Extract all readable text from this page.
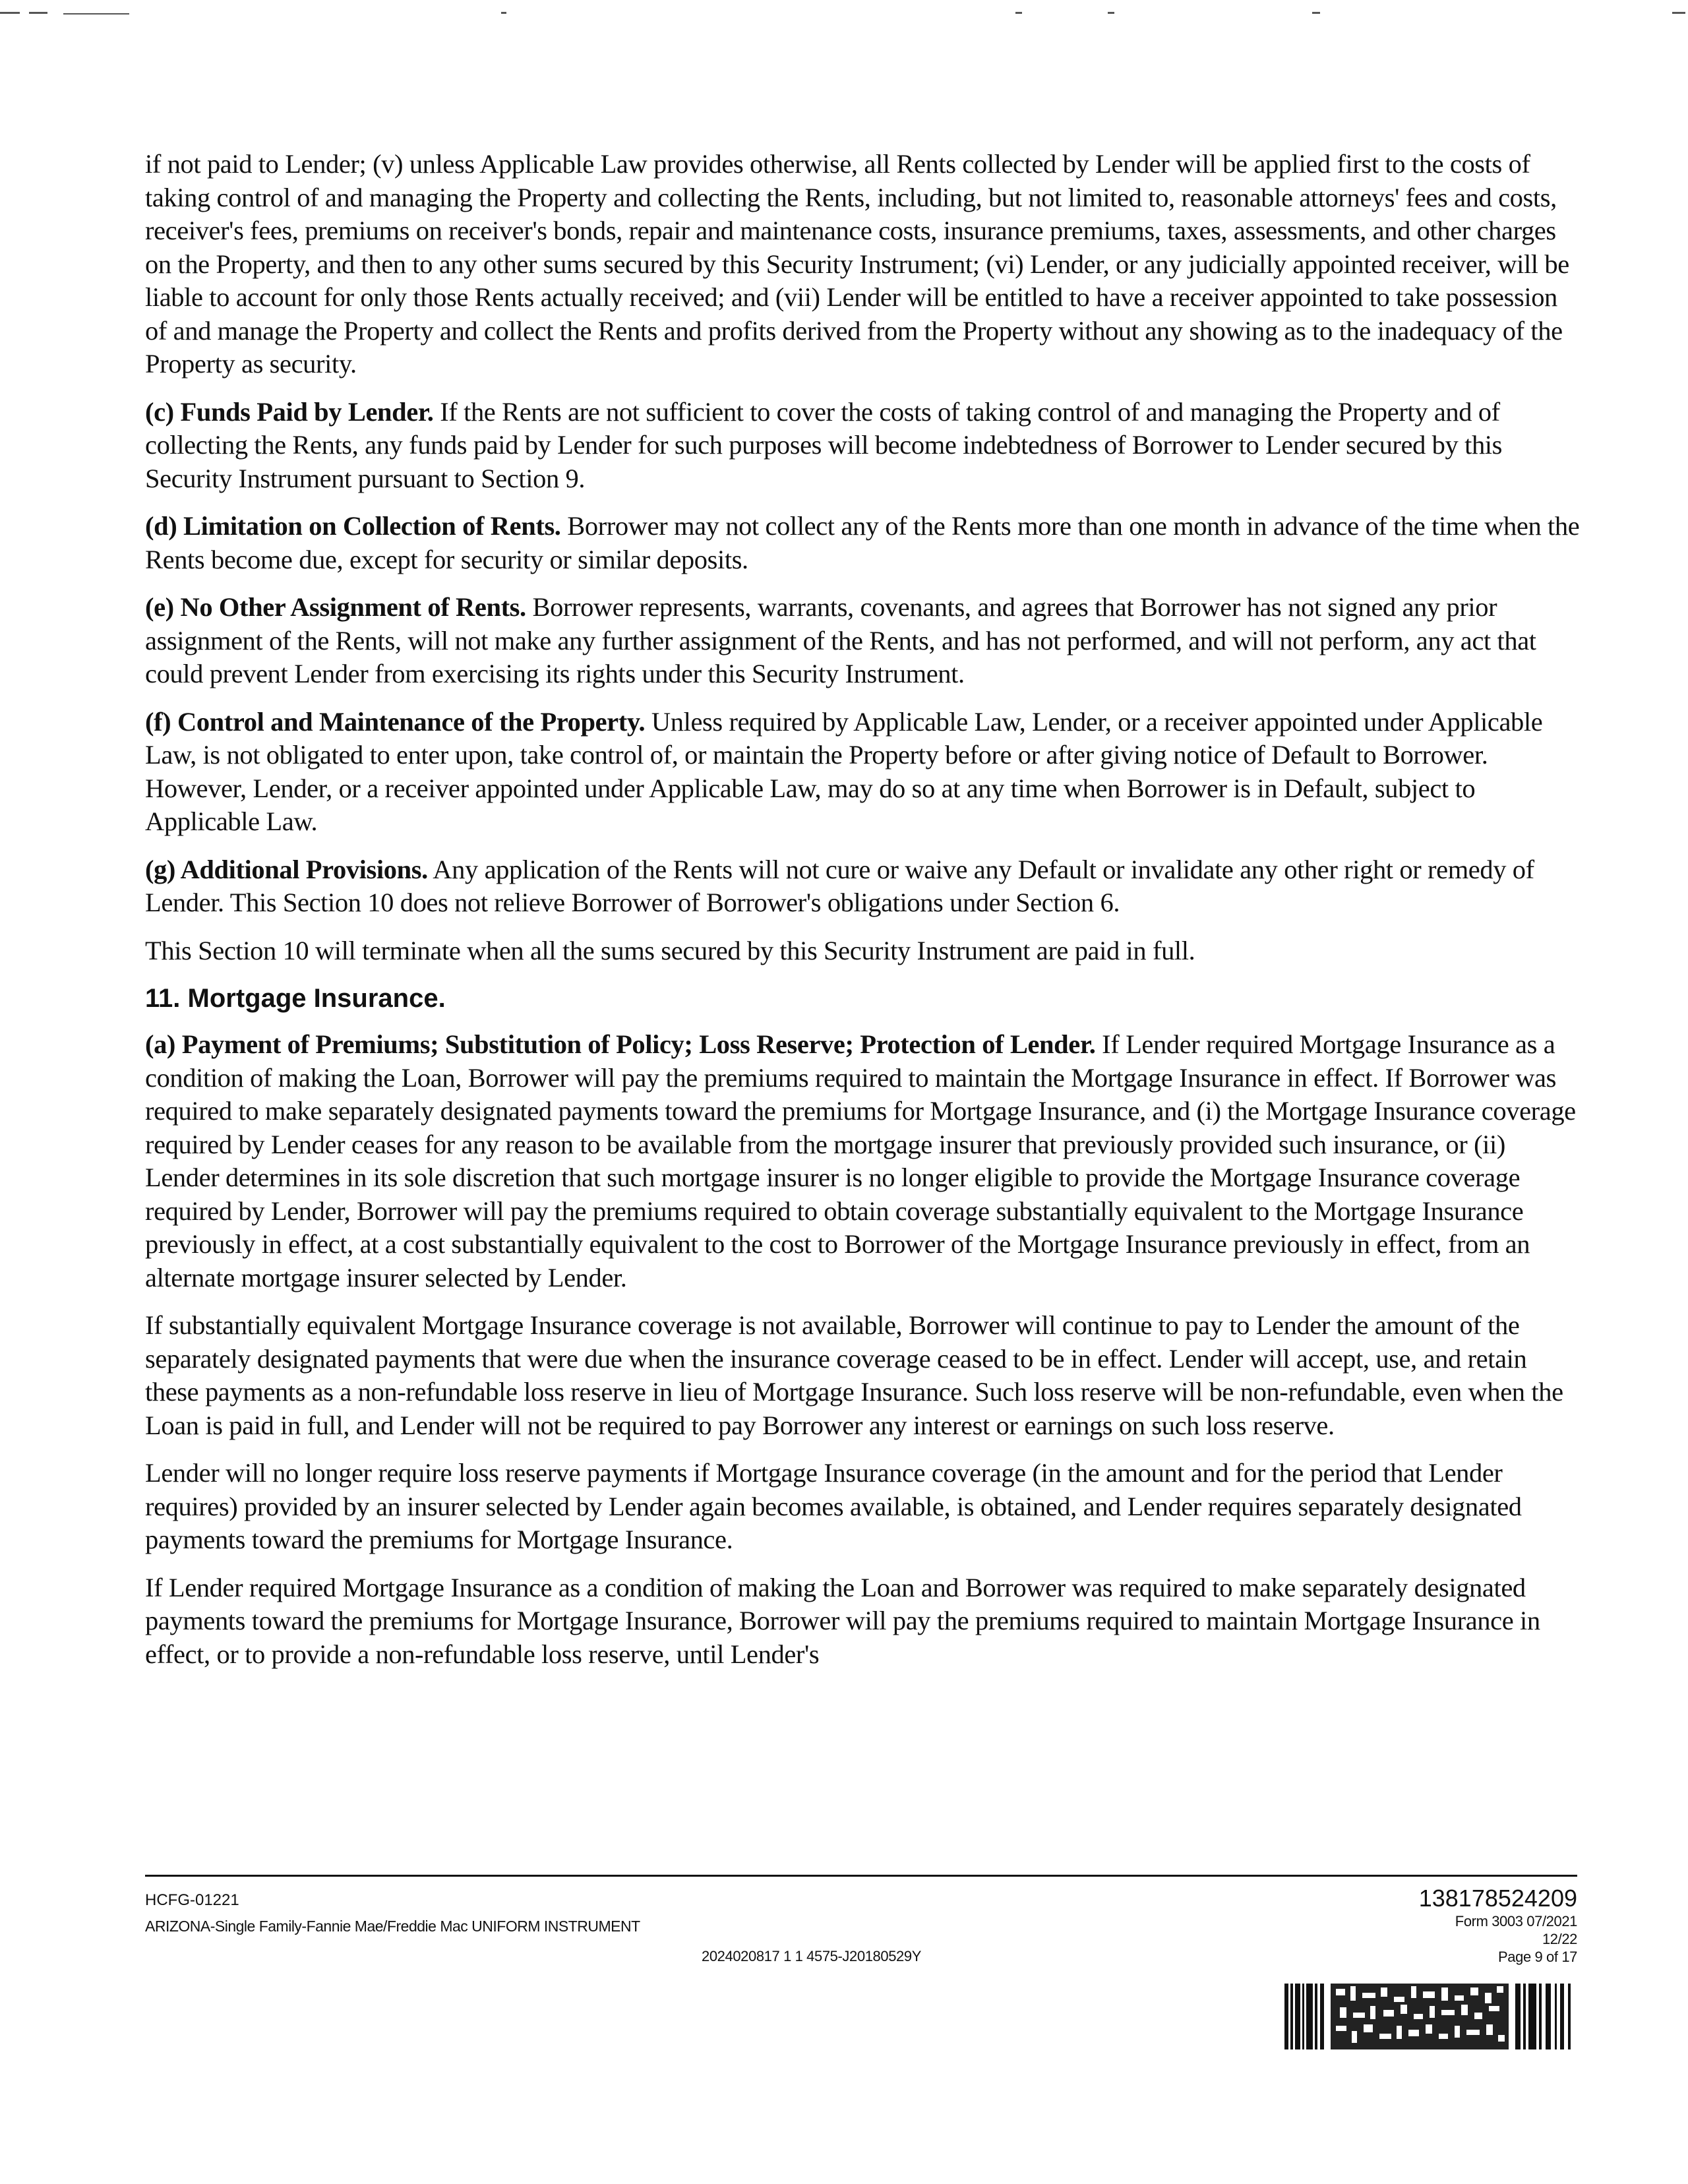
if not paid to Lender; (v) unless Applicable Law provides otherwise, all Rents collected by Lender will be applied first to the costs of taking control of and managing the Property and collecting the Rents, including, but not limited to, reasonable attorneys' fees and costs, receiver's fees, premiums on receiver's bonds, repair and maintenance costs, insurance premiums, taxes, assessments, and other charges on the Property, and then to any other sums secured by this Security Instrument; (vi) Lender, or any judicially appointed receiver, will be liable to account for only those Rents actually received; and (vii) Lender will be entitled to have a receiver appointed to take possession of and manage the Property and collect the Rents and profits derived from the Property without any showing as to the inadequacy of the Property as security.

(c) Funds Paid by Lender. If the Rents are not sufficient to cover the costs of taking control of and managing the Property and of collecting the Rents, any funds paid by Lender for such purposes will become indebtedness of Borrower to Lender secured by this Security Instrument pursuant to Section 9.

(d) Limitation on Collection of Rents. Borrower may not collect any of the Rents more than one month in advance of the time when the Rents become due, except for security or similar deposits.

(e) No Other Assignment of Rents. Borrower represents, warrants, covenants, and agrees that Borrower has not signed any prior assignment of the Rents, will not make any further assignment of the Rents, and has not performed, and will not perform, any act that could prevent Lender from exercising its rights under this Security Instrument.

(f) Control and Maintenance of the Property. Unless required by Applicable Law, Lender, or a receiver appointed under Applicable Law, is not obligated to enter upon, take control of, or maintain the Property before or after giving notice of Default to Borrower. However, Lender, or a receiver appointed under Applicable Law, may do so at any time when Borrower is in Default, subject to Applicable Law.

(g) Additional Provisions. Any application of the Rents will not cure or waive any Default or invalidate any other right or remedy of Lender. This Section 10 does not relieve Borrower of Borrower's obligations under Section 6.

This Section 10 will terminate when all the sums secured by this Security Instrument are paid in full.

11. Mortgage Insurance.

(a) Payment of Premiums; Substitution of Policy; Loss Reserve; Protection of Lender. If Lender required Mortgage Insurance as a condition of making the Loan, Borrower will pay the premiums required to maintain the Mortgage Insurance in effect. If Borrower was required to make separately designated payments toward the premiums for Mortgage Insurance, and (i) the Mortgage Insurance coverage required by Lender ceases for any reason to be available from the mortgage insurer that previously provided such insurance, or (ii) Lender determines in its sole discretion that such mortgage insurer is no longer eligible to provide the Mortgage Insurance coverage required by Lender, Borrower will pay the premiums required to obtain coverage substantially equivalent to the Mortgage Insurance previously in effect, at a cost substantially equivalent to the cost to Borrower of the Mortgage Insurance previously in effect, from an alternate mortgage insurer selected by Lender.

If substantially equivalent Mortgage Insurance coverage is not available, Borrower will continue to pay to Lender the amount of the separately designated payments that were due when the insurance coverage ceased to be in effect. Lender will accept, use, and retain these payments as a non-refundable loss reserve in lieu of Mortgage Insurance. Such loss reserve will be non-refundable, even when the Loan is paid in full, and Lender will not be required to pay Borrower any interest or earnings on such loss reserve.

Lender will no longer require loss reserve payments if Mortgage Insurance coverage (in the amount and for the period that Lender requires) provided by an insurer selected by Lender again becomes available, is obtained, and Lender requires separately designated payments toward the premiums for Mortgage Insurance.

If Lender required Mortgage Insurance as a condition of making the Loan and Borrower was required to make separately designated payments toward the premiums for Mortgage Insurance, Borrower will pay the premiums required to maintain Mortgage Insurance in effect, or to provide a non-refundable loss reserve, until Lender's

HCFG-01221
ARIZONA-Single Family-Fannie Mae/Freddie Mac UNIFORM INSTRUMENT
2024020817 1 1 4575-J20180529Y
138178524209
Form 3003 07/2021
12/22
Page 9 of 17
